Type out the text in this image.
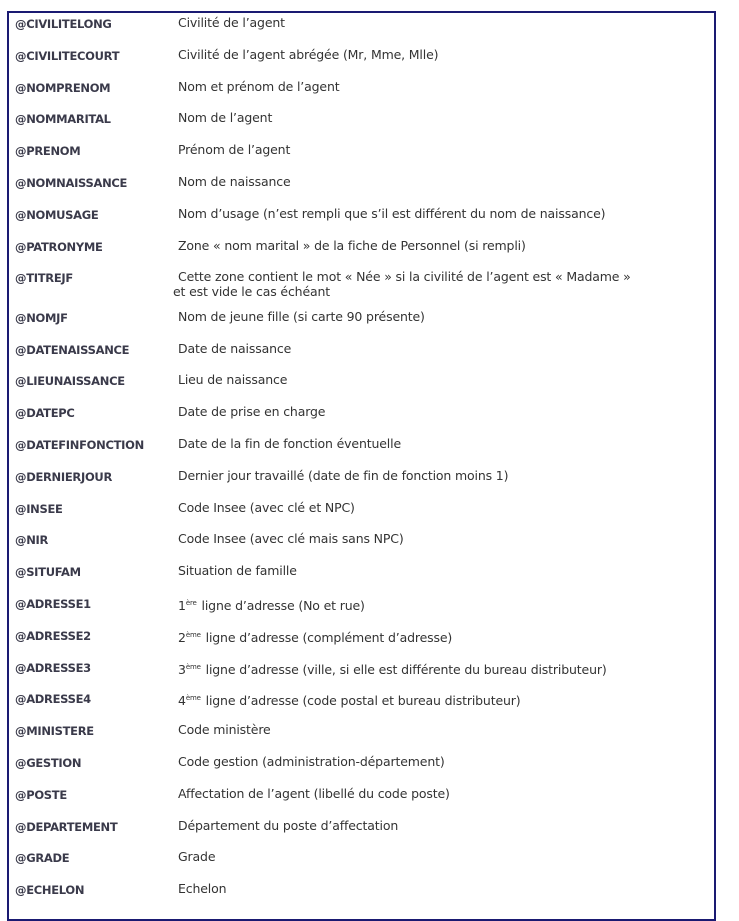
@CIVILITELONG	Civilité de l’agent
@CIVILITECOURT	Civilité de l’agent abrégée (Mr, Mme, Mlle)
@NOMPRENOM	Nom et prénom de l’agent
@NOMMARITAL	Nom de l’agent
@PRENOM	Prénom de l’agent
@NOMNAISSANCE	Nom de naissance
@NOMUSAGE	Nom d’usage (n’est rempli que s’il est différent du nom de naissance)
@PATRONYME	Zone « nom marital » de la fiche de Personnel (si rempli)
@TITREJF	Cette zone contient le mot « Née » si la civilité de l’agent est « Madame »
et est vide le cas échéant
@NOMJF	Nom de jeune fille (si carte 90 présente)
@DATENAISSANCE	Date de naissance
@LIEUNAISSANCE	Lieu de naissance
@DATEPC	Date de prise en charge
@DATEFINFONCTION	Date de la fin de fonction éventuelle
@DERNIERJOUR	Dernier jour travaillé (date de fin de fonction moins 1)
@INSEE	Code Insee (avec clé et NPC)
@NIR	Code Insee (avec clé mais sans NPC)
@SITUFAM	Situation de famille
@ADRESSE1	1ère ligne d’adresse (No et rue)
@ADRESSE2	2ème ligne d’adresse (complément d’adresse)
@ADRESSE3	3ème ligne d’adresse (ville, si elle est différente du bureau distributeur)
@ADRESSE4	4ème ligne d’adresse (code postal et bureau distributeur)
@MINISTERE	Code ministère
@GESTION	Code gestion (administration-département)
@POSTE	Affectation de l’agent (libellé du code poste)
@DEPARTEMENT	Département du poste d’affectation
@GRADE	Grade
@ECHELON	Echelon
